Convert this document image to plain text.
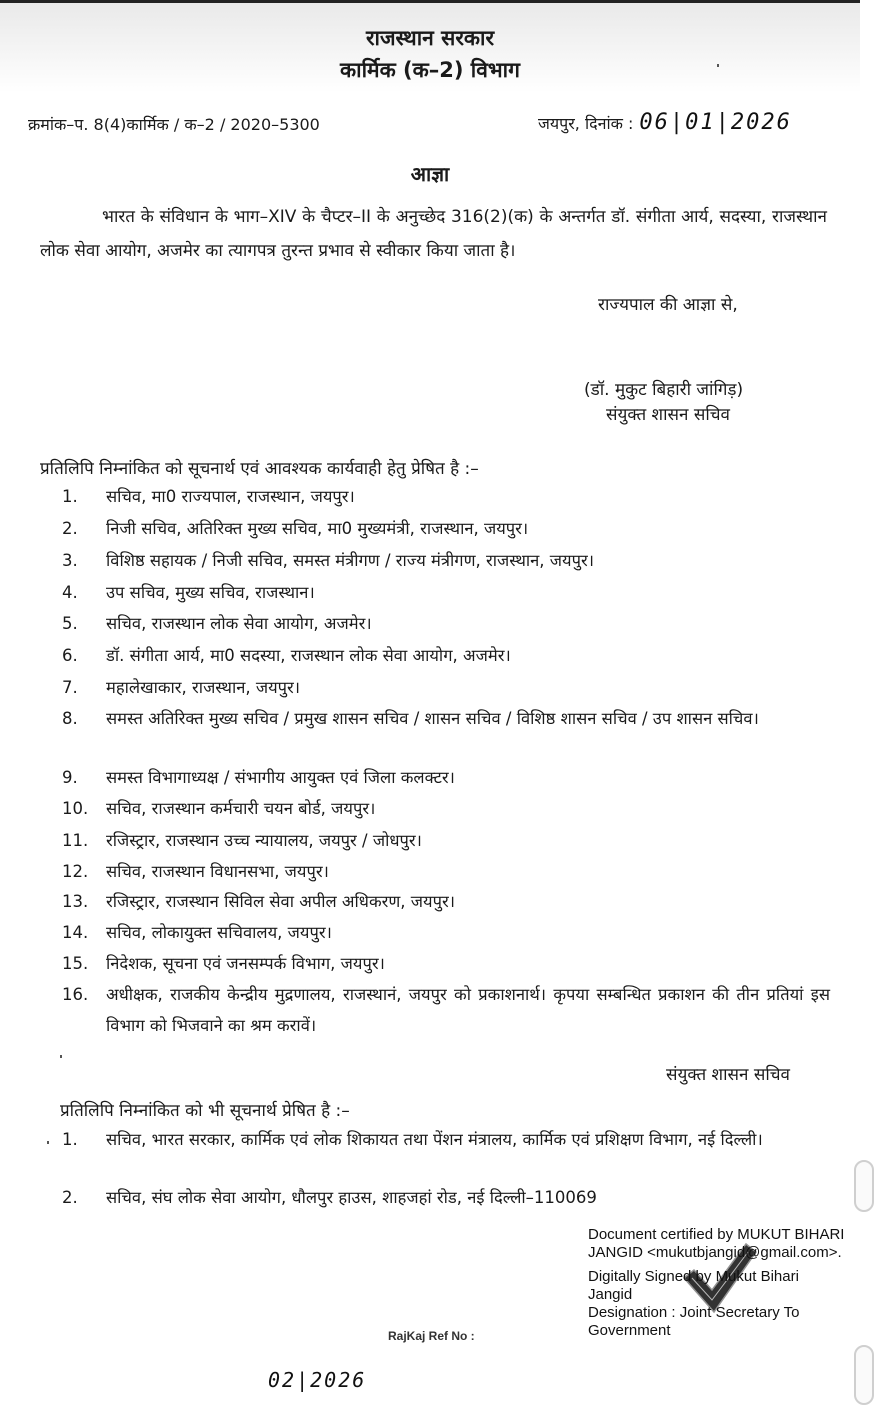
राजस्थान सरकार
कार्मिक (क–2) विभाग
क्रमांक–प. 8(4)कार्मिक / क–2 / 2020–5300	जयपुर, दिनांक : 06|01|2026
आज्ञा
भारत के संविधान के भाग–XIV के चैप्टर–II के अनुच्छेद 316(2)(क) के अन्तर्गत डॉ. संगीता आर्य, सदस्या, राजस्थान लोक सेवा आयोग, अजमेर का त्यागपत्र तुरन्त प्रभाव से स्वीकार किया जाता है।
राज्यपाल की आज्ञा से,
(डॉ. मुकुट बिहारी जांगिड़)
संयुक्त शासन सचिव
प्रतिलिपि निम्नांकित को सूचनार्थ एवं आवश्यक कार्यवाही हेतु प्रेषित है :–
1. सचिव, मा0 राज्यपाल, राजस्थान, जयपुर।
2. निजी सचिव, अतिरिक्त मुख्य सचिव, मा0 मुख्यमंत्री, राजस्थान, जयपुर।
3. विशिष्ठ सहायक / निजी सचिव, समस्त मंत्रीगण / राज्य मंत्रीगण, राजस्थान, जयपुर।
4. उप सचिव, मुख्य सचिव, राजस्थान।
5. सचिव, राजस्थान लोक सेवा आयोग, अजमेर।
6. डॉ. संगीता आर्य, मा0 सदस्या, राजस्थान लोक सेवा आयोग, अजमेर।
7. महालेखाकार, राजस्थान, जयपुर।
8. समस्त अतिरिक्त मुख्य सचिव / प्रमुख शासन सचिव / शासन सचिव / विशिष्ठ शासन सचिव / उप शासन सचिव।
9. समस्त विभागाध्यक्ष / संभागीय आयुक्त एवं जिला कलक्टर।
10. सचिव, राजस्थान कर्मचारी चयन बोर्ड, जयपुर।
11. रजिस्ट्रार, राजस्थान उच्च न्यायालय, जयपुर / जोधपुर।
12. सचिव, राजस्थान विधानसभा, जयपुर।
13. रजिस्ट्रार, राजस्थान सिविल सेवा अपील अधिकरण, जयपुर।
14. सचिव, लोकायुक्त सचिवालय, जयपुर।
15. निदेशक, सूचना एवं जनसम्पर्क विभाग, जयपुर।
16. अधीक्षक, राजकीय केन्द्रीय मुद्रणालय, राजस्थानं, जयपुर को प्रकाशनार्थ। कृपया सम्बन्धित प्रकाशन की तीन प्रतियां इस विभाग को भिजवाने का श्रम करावें।
संयुक्त शासन सचिव
प्रतिलिपि निम्नांकित को भी सूचनार्थ प्रेषित है :–
1. सचिव, भारत सरकार, कार्मिक एवं लोक शिकायत तथा पेंशन मंत्रालय, कार्मिक एवं प्रशिक्षण विभाग, नई दिल्ली।
2. सचिव, संघ लोक सेवा आयोग, धौलपुर हाउस, शाहजहां रोड, नई दिल्ली–110069
Document certified by MUKUT BIHARI
JANGID <mukutbjangid@gmail.com>.
Digitally Signed by Mukut Bihari
Jangid
Designation : Joint Secretary To
Government
RajKaj Ref No :
02|2026
